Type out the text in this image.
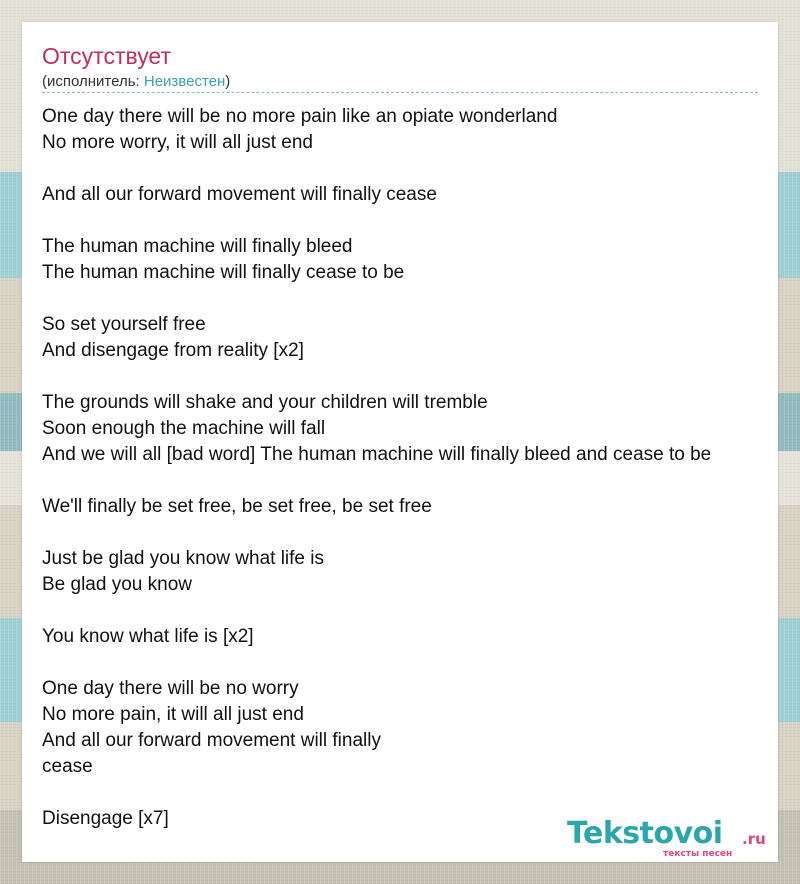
Отсутствует
(исполнитель: Неизвестен)
One day there will be no more pain like an opiate wonderland
No more worry, it will all just end
And all our forward movement will finally cease
The human machine will finally bleed
The human machine will finally cease to be
So set yourself free
And disengage from reality [x2]
The grounds will shake and your children will tremble
Soon enough the machine will fall
And we will all [bad word] The human machine will finally bleed and cease to be
We'll finally be set free, be set free, be set free
Just be glad you know what life is
Be glad you know
You know what life is [x2]
One day there will be no worry
No more pain, it will all just end
And all our forward movement will finally
cease
Disengage [x7]	Tekstovoi .ru
тексты песен
